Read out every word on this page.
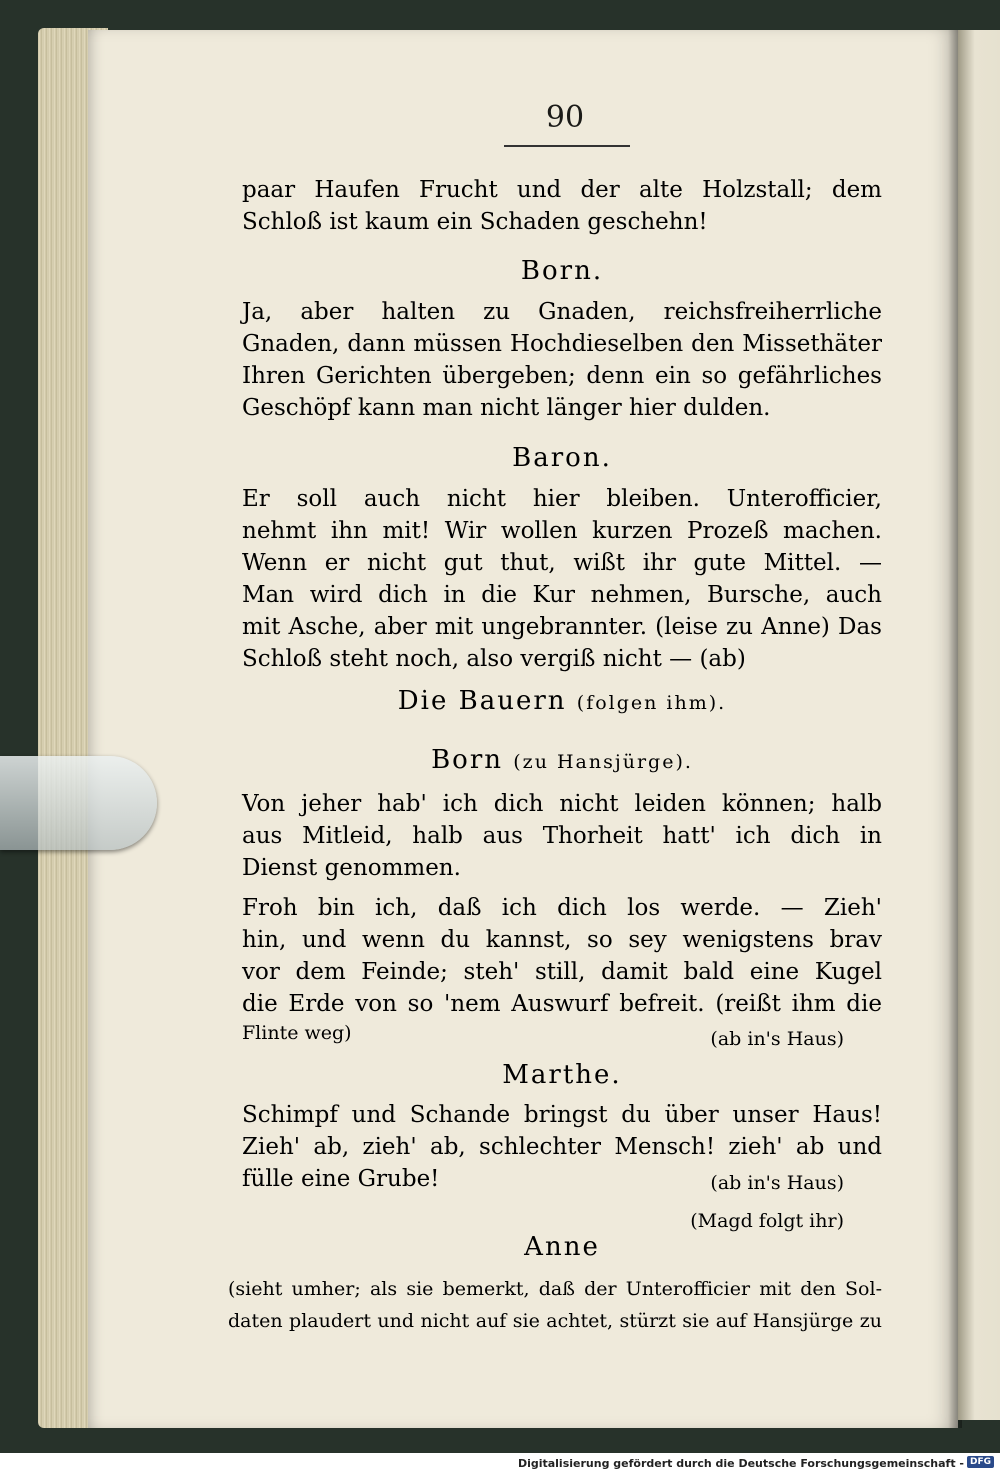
90
paar Haufen Frucht und der alte Holzstall; dem
Schloß ist kaum ein Schaden geschehn!
Born.
Ja, aber halten zu Gnaden, reichsfreiherrliche
Gnaden, dann müssen Hochdieselben den Missethäter
Ihren Gerichten übergeben; denn ein so gefährliches
Geschöpf kann man nicht länger hier dulden.
Baron.
Er soll auch nicht hier bleiben. Unterofficier,
nehmt ihn mit! Wir wollen kurzen Prozeß machen.
Wenn er nicht gut thut, wißt ihr gute Mittel. —
Man wird dich in die Kur nehmen, Bursche, auch
mit Asche, aber mit ungebrannter. (leise zu Anne) Das
Schloß steht noch, also vergiß nicht — (ab)
Die Bauern (folgen ihm).
Born (zu Hansjürge).
Von jeher hab' ich dich nicht leiden können; halb
aus Mitleid, halb aus Thorheit hatt' ich dich in
Dienst genommen.
Froh bin ich, daß ich dich los werde. — Zieh'
hin, und wenn du kannst, so sey wenigstens brav
vor dem Feinde; steh' still, damit bald eine Kugel
die Erde von so 'nem Auswurf befreit. (reißt ihm die
Flinte weg)	(ab in's Haus)
Marthe.
Schimpf und Schande bringst du über unser Haus!
Zieh' ab, zieh' ab, schlechter Mensch! zieh' ab und
fülle eine Grube!	(ab in's Haus)
(Magd folgt ihr)
Anne
(sieht umher; als sie bemerkt, daß der Unterofficier mit den Sol-
daten plaudert und nicht auf sie achtet, stürzt sie auf Hansjürge zu
Digitalisierung gefördert durch die Deutsche Forschungsgemeinschaft - DFG
